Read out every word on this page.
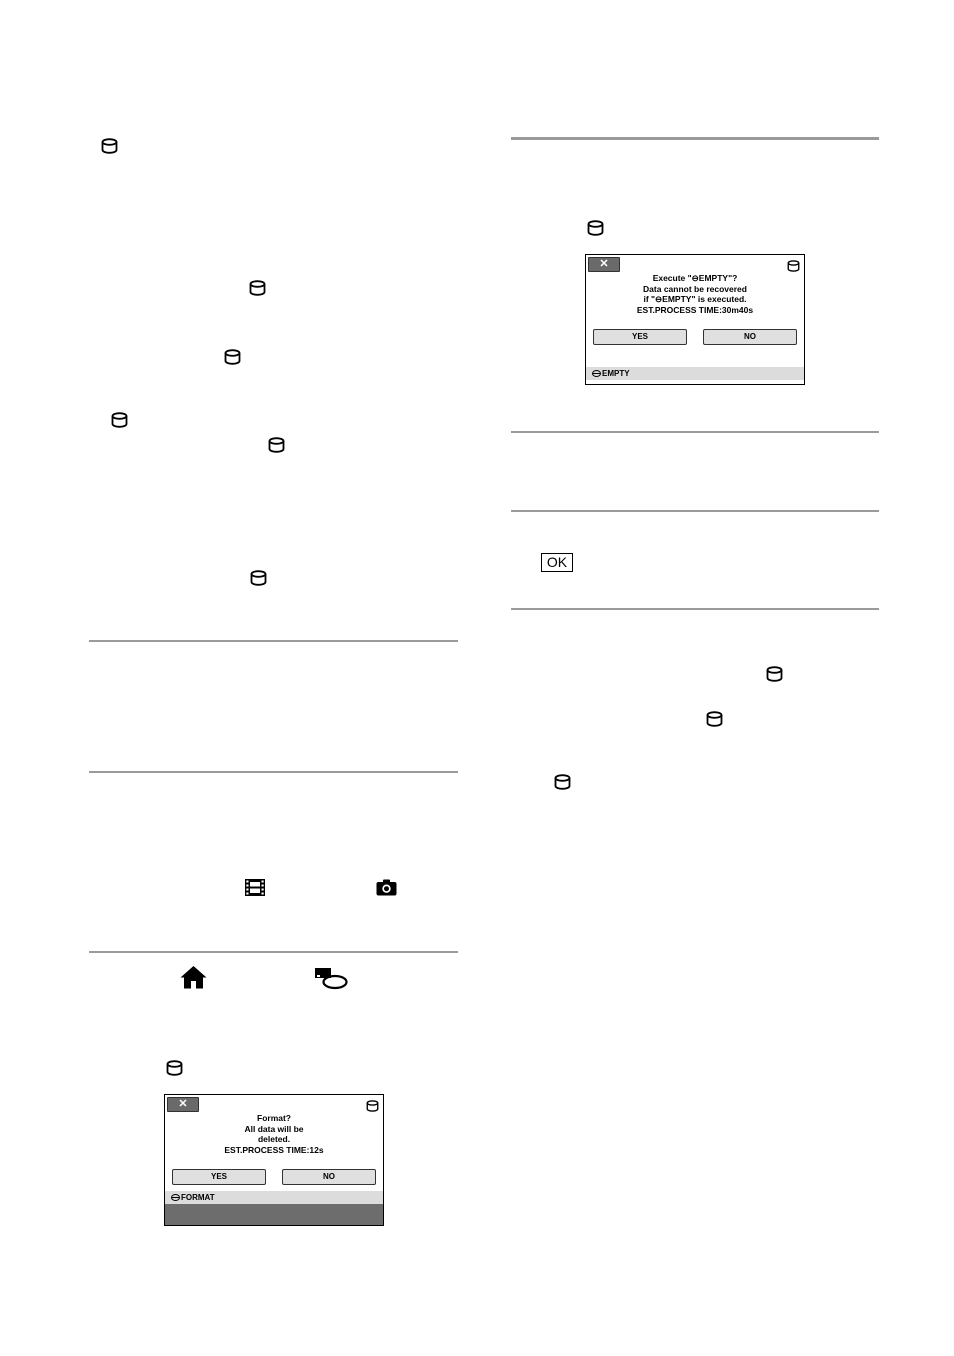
✕
Format?
All data will be
deleted.
EST.PROCESS TIME:12s
YES	NO
FORMAT
✕
Execute "⊖EMPTY"?
Data cannot be recovered
if "⊖EMPTY" is executed.
EST.PROCESS TIME:30m40s
YES	NO
EMPTY
OK
